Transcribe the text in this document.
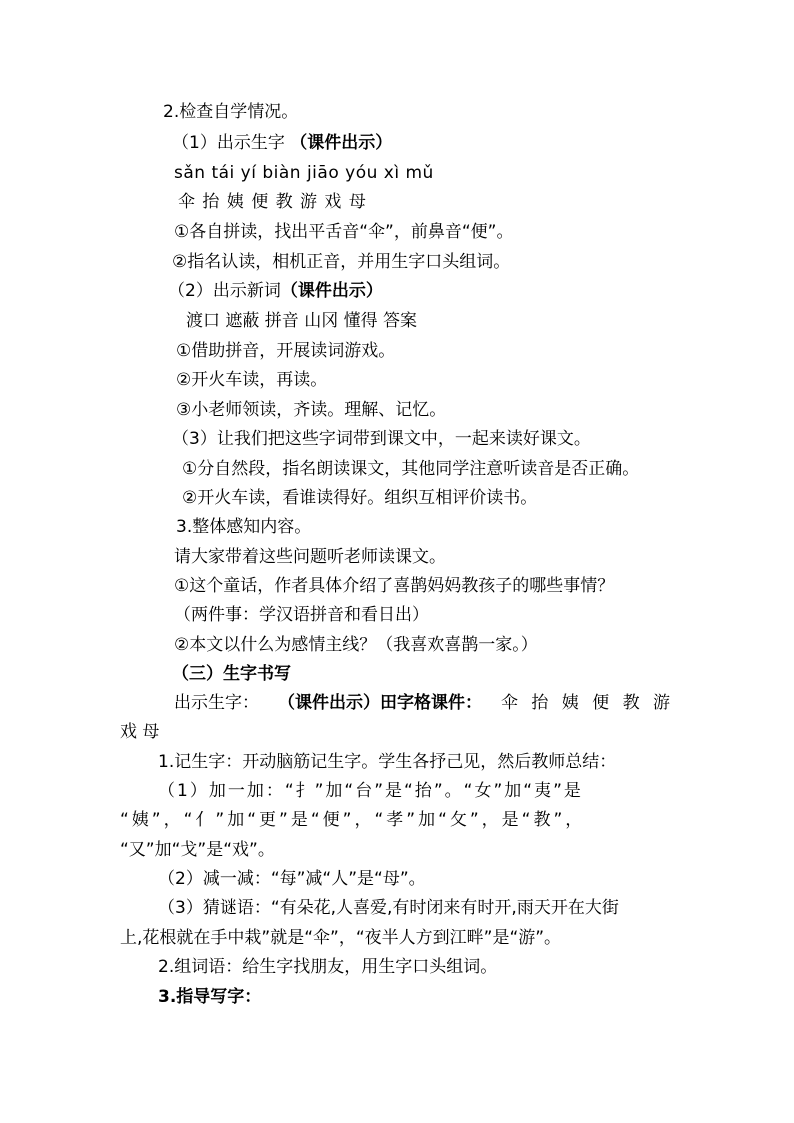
2.检查自学情况。
（1）出示生字 （课件出示）
sǎn tái yí biàn jiāo yóu xì mǔ
伞 抬 姨 便 教 游 戏 母
①各自拼读，找出平舌音“伞”，前鼻音“便”。
②指名认读，相机正音，并用生字口头组词。
（2）出示新词（课件出示）
渡口 遮蔽 拼音 山冈 懂得 答案
①借助拼音，开展读词游戏。
②开火车读，再读。
③小老师领读，齐读。理解、记忆。
（3）让我们把这些字词带到课文中，一起来读好课文。
①分自然段，指名朗读课文，其他同学注意听读音是否正确。
②开火车读，看谁读得好。组织互相评价读书。
3.整体感知内容。
请大家带着这些问题听老师读课文。
①这个童话，作者具体介绍了喜鹊妈妈教孩子的哪些事情？
（两件事：学汉语拼音和看日出）
②本文以什么为感情主线？（我喜欢喜鹊一家。）
（三）生字书写
出示生字： （课件出示）田字格课件： 伞 抬 姨 便 教 游
戏 母
1.记生字：开动脑筋记生字。学生各抒己见，然后教师总结：
（1）加一加：“扌”加“台”是“抬”。“女”加“夷”是
“姨”，“亻”加“更”是“便”，“孝”加“攵”，是“教”，
“又”加“戈”是“戏”。
（2）减一减：“每”减“人”是“母”。
（3）猜谜语：“有朵花,人喜爱,有时闭来有时开,雨天开在大街
上,花根就在手中栽”就是“伞”，“夜半人方到江畔”是“游”。
2.组词语：给生字找朋友，用生字口头组词。
3.指导写字：
